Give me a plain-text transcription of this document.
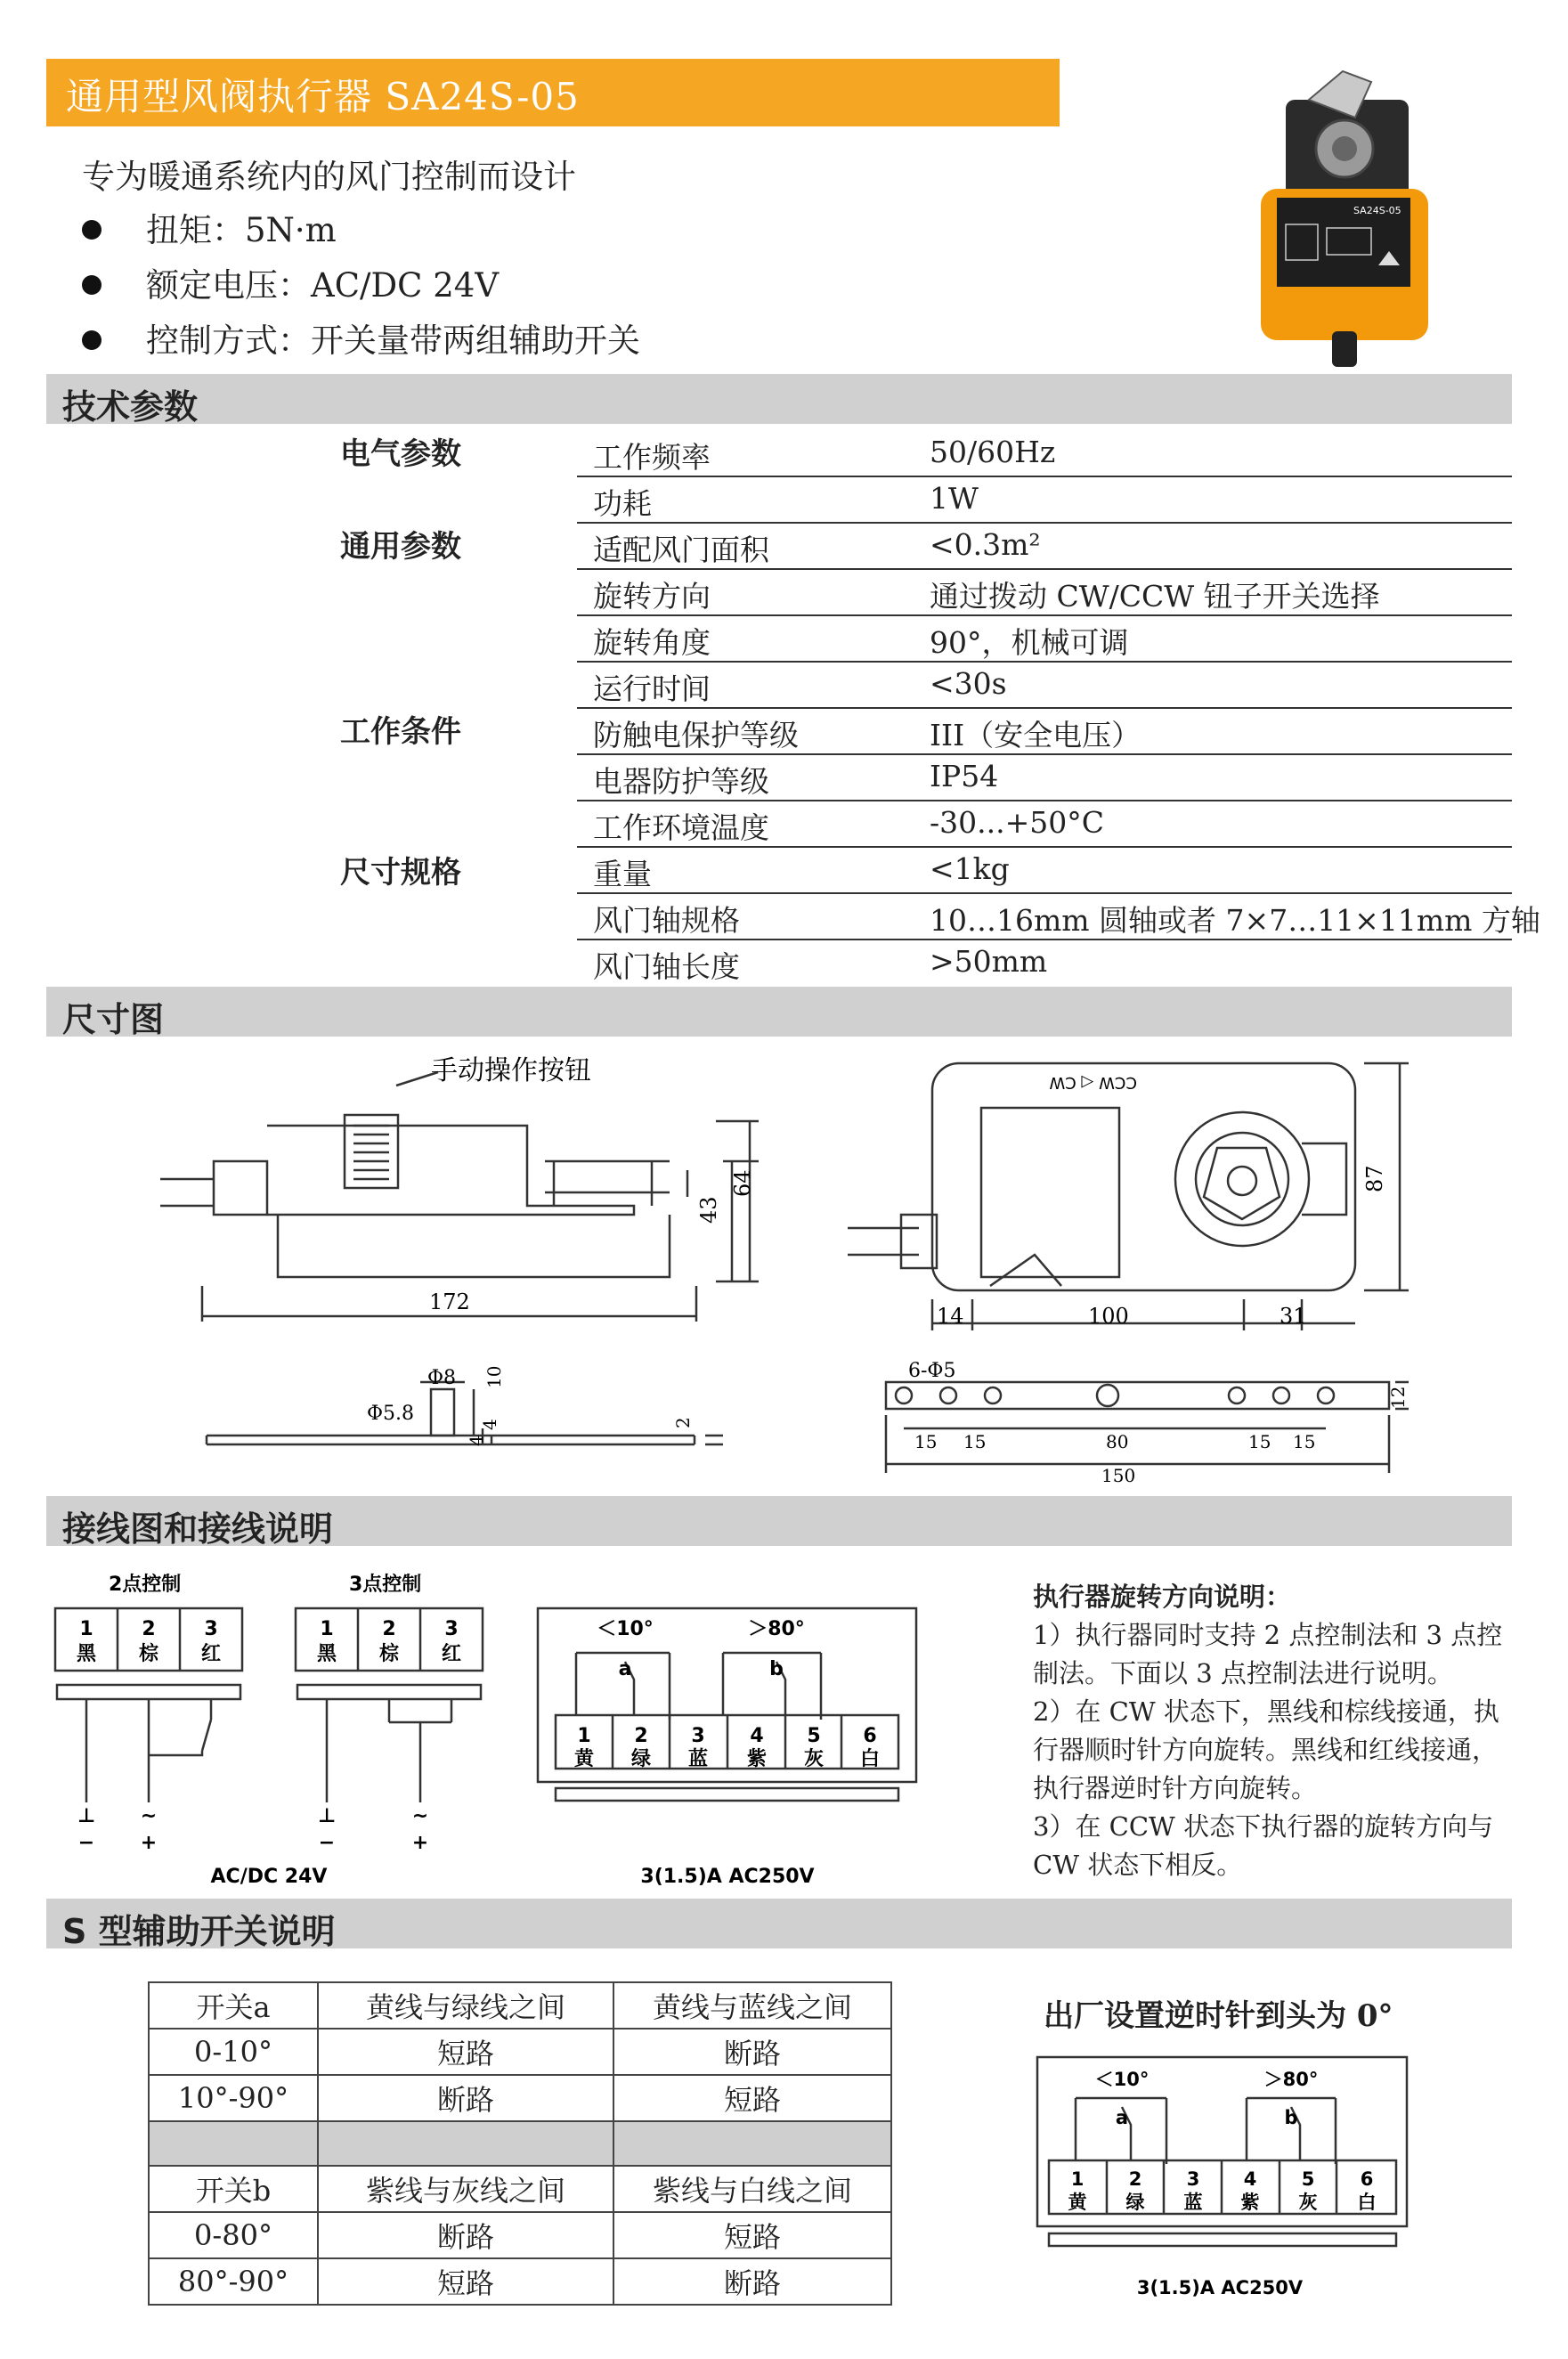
通用型风阀执行器 SA24S-05
专为暖通系统内的风门控制而设计
扭矩：5N·m
额定电压：AC/DC 24V
控制方式：开关量带两组辅助开关
SA24S-05
技术参数
电气参数
通用参数
工作条件
尺寸规格
工作频率	50/60Hz
功耗	1W
适配风门面积	<0.3m²
旋转方向	通过拨动 CW/CCW 钮子开关选择
旋转角度	90°，机械可调
运行时间	<30s
防触电保护等级	III（安全电压）
电器防护等级	IP54
工作环境温度	-30...+50°C
重量	<1kg
风门轴规格	10…16mm 圆轴或者 7×7…11×11mm 方轴
风门轴长度	>50mm
尺寸图
手动操作按钮
172
43
64
14	100	31
87
CCW ◁ CW
Φ8
Φ5.8
10
4
4
2
6-Φ5
12
15 15	80	15 15
150
接线图和接线说明
2点控制	3点控制
1
黑
2
棕
3
红
1
黑
2
棕
3
红
⊥ ~
− +
⊥	~
−	+
AC/DC 24V
＜10°	＞80°
a	b
1
黄
2
绿
3
蓝
4
紫
5
灰
6
白
3(1.5)A AC250V
执行器旋转方向说明：
1）执行器同时支持 2 点控制法和 3 点控制法。下面以 3 点控制法进行说明。
2）在 CW 状态下，黑线和棕线接通，执行器顺时针方向旋转。黑线和红线接通，执行器逆时针方向旋转。
3）在 CCW 状态下执行器的旋转方向与 CW 状态下相反。
S 型辅助开关说明
开关a	黄线与绿线之间	黄线与蓝线之间
0-10°	短路	断路
10°-90°	断路	短路

开关b	紫线与灰线之间	紫线与白线之间
0-80°	断路	短路
80°-90°	短路	断路
出厂设置逆时针到头为 0°
＜10°	＞80°
a	b
1
黄
2
绿
3
蓝
4
紫
5
灰
6
白
3(1.5)A AC250V
